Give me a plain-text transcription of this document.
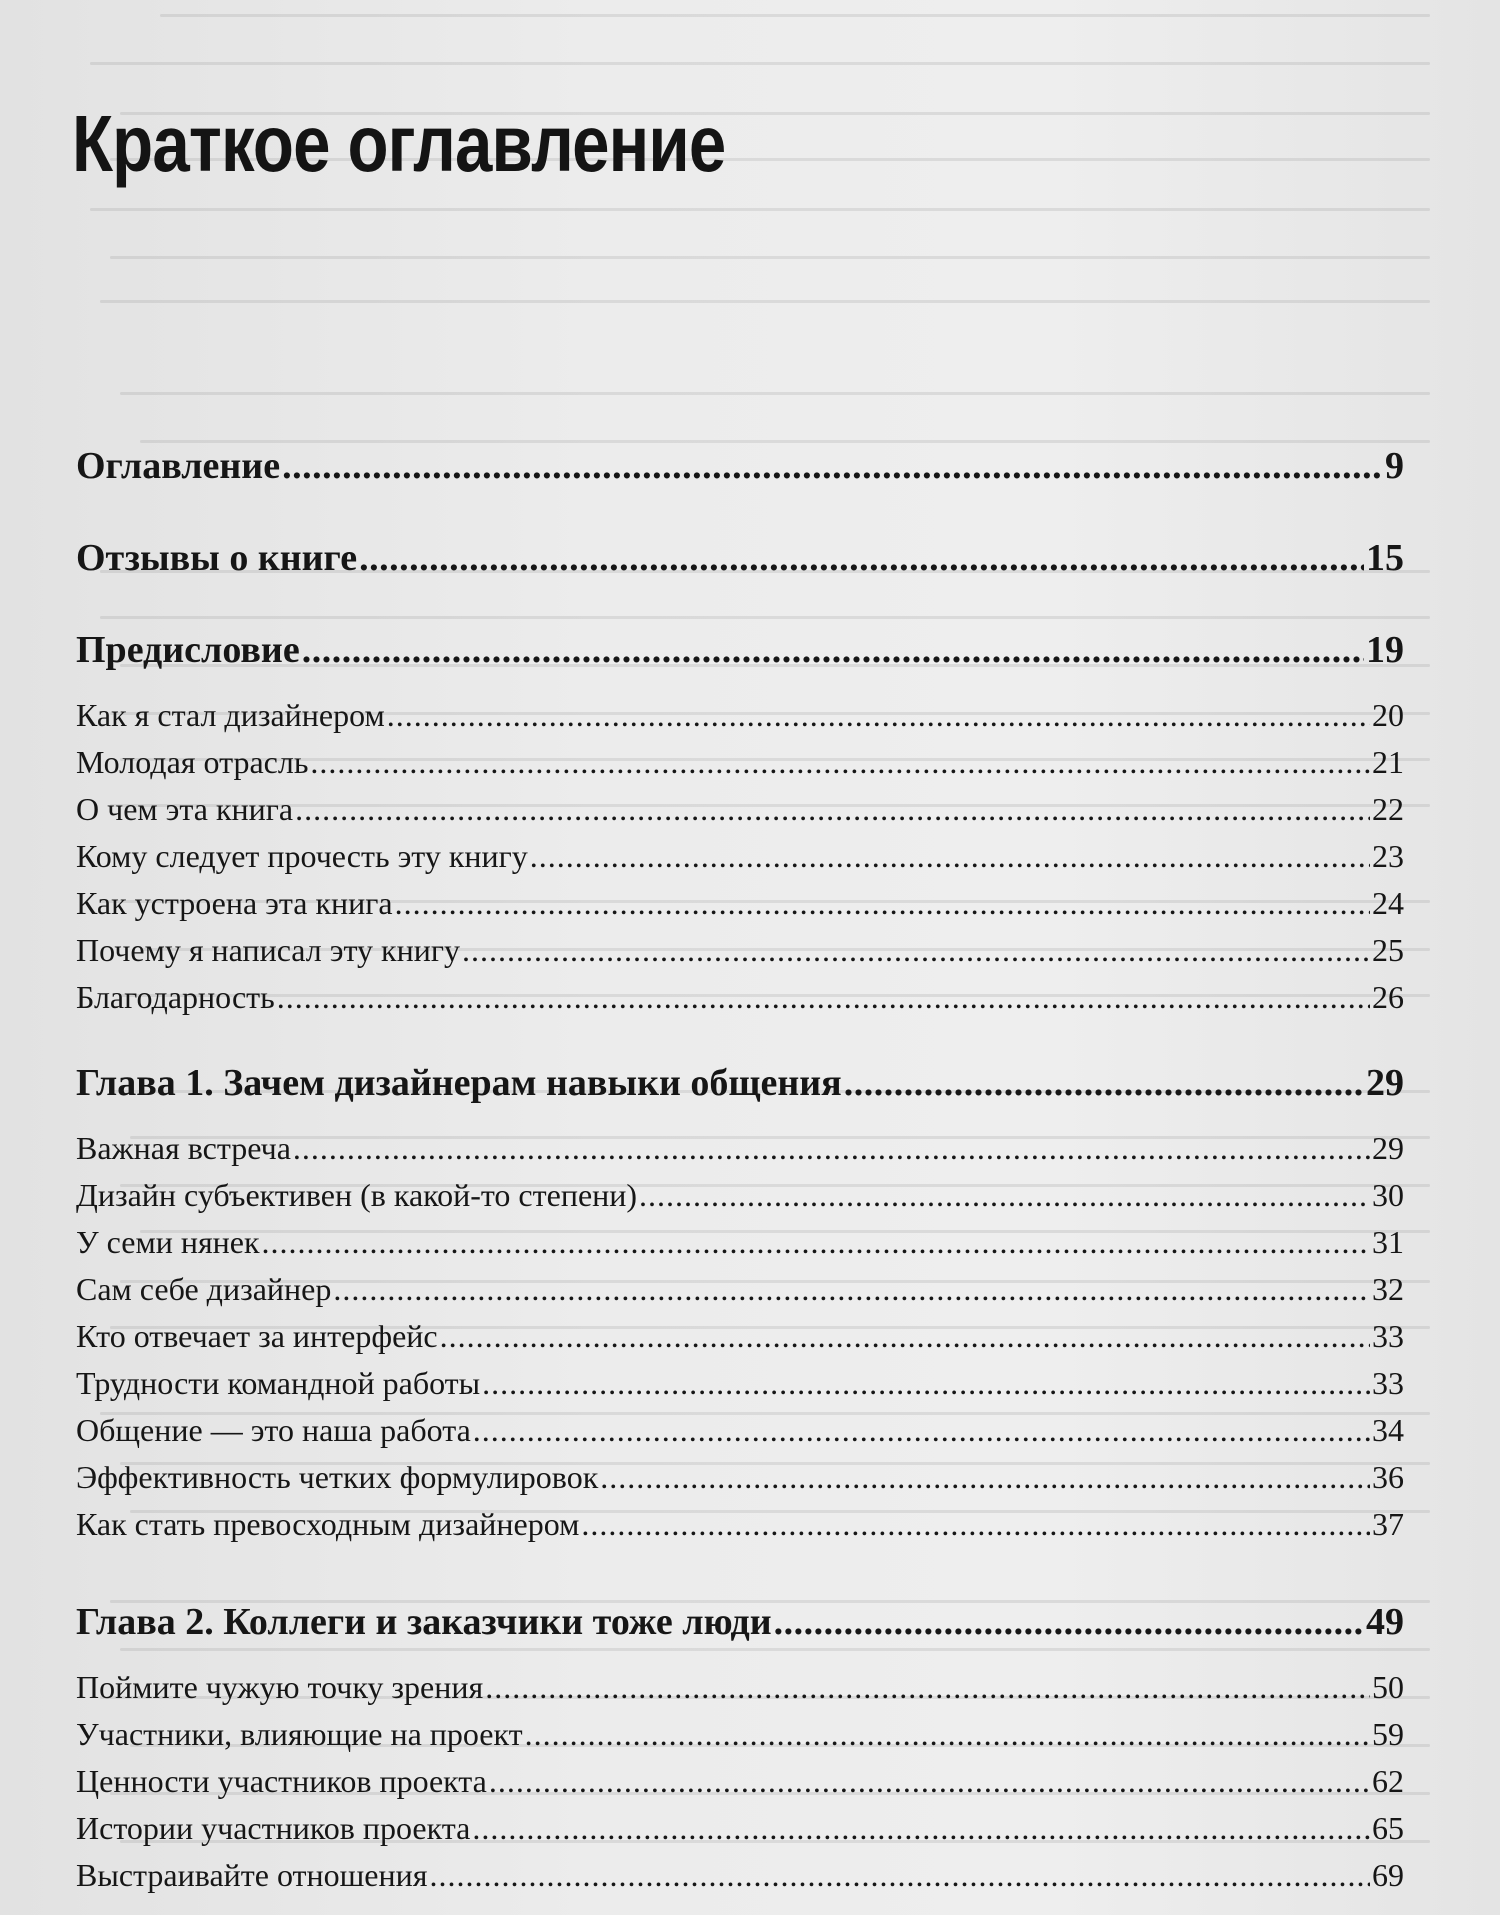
Краткое оглавление
Оглавление .....	9
Отзывы о книге .....	15
Предисловие .....	19
Как я стал дизайнером .....	20
Молодая отрасль .....	21
О чем эта книга .....	22
Кому следует прочесть эту книгу .....	23
Как устроена эта книга .....	24
Почему я написал эту книгу .....	25
Благодарность .....	26
Глава 1. Зачем дизайнерам навыки общения .....	29
Важная встреча .....	29
Дизайн субъективен (в какой-то степени) .....	30
У семи нянек .....	31
Сам себе дизайнер .....	32
Кто отвечает за интерфейс .....	33
Трудности командной работы .....	33
Общение — это наша работа .....	34
Эффективность четких формулировок .....	36
Как стать превосходным дизайнером .....	37
Глава 2. Коллеги и заказчики тоже люди .....	49
Поймите чужую точку зрения .....	50
Участники, влияющие на проект .....	59
Ценности участников проекта .....	62
Истории участников проекта .....	65
Выстраивайте отношения .....	69
